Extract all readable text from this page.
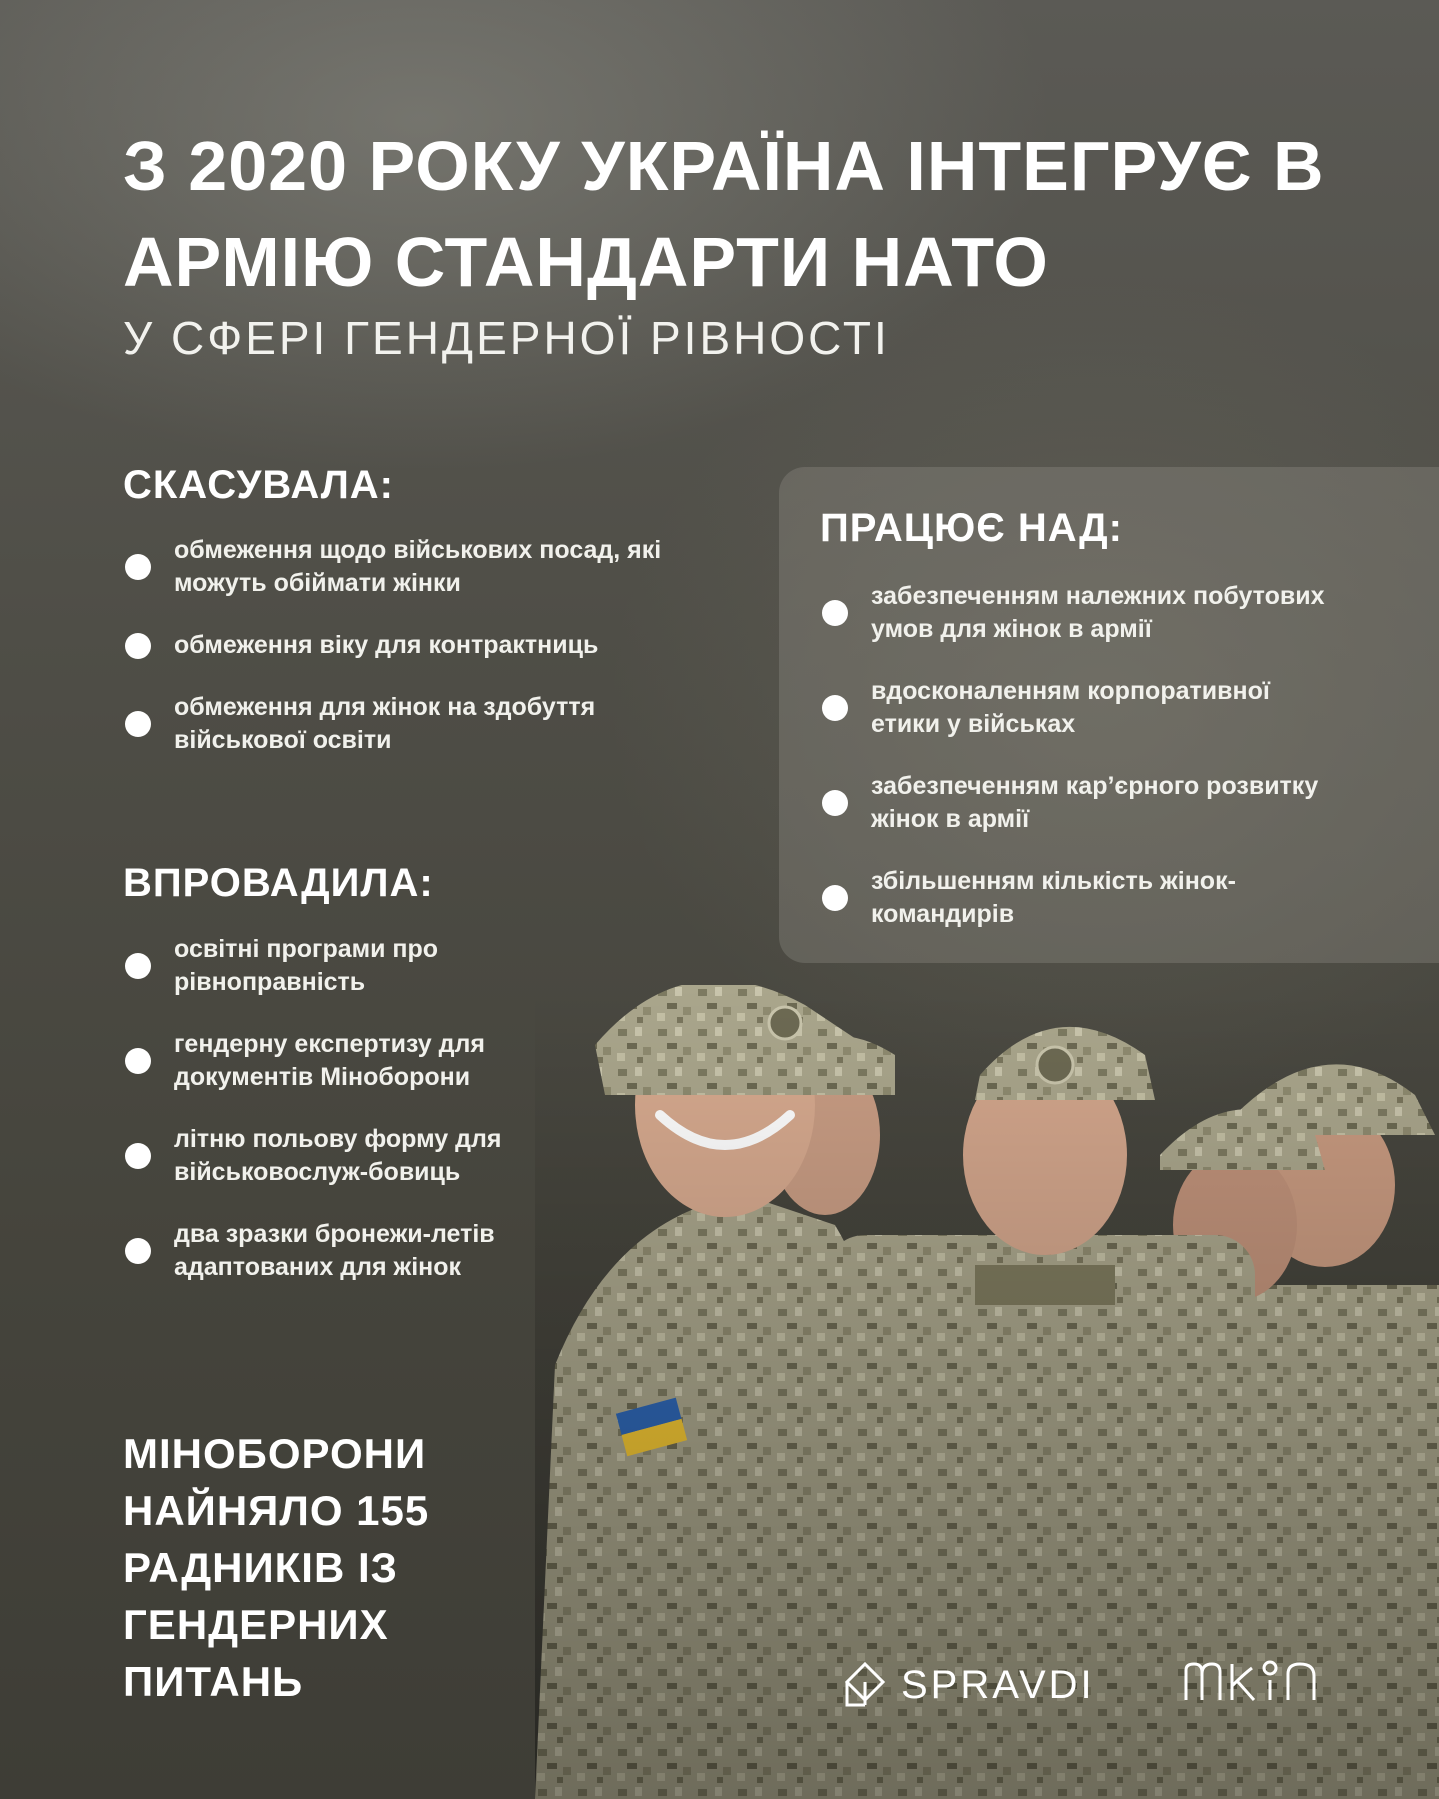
З 2020 РОКУ УКРАЇНА ІНТЕГРУЄ В АРМІЮ СТАНДАРТИ НАТО
У СФЕРІ ГЕНДЕРНОЇ РІВНОСТІ
СКАСУВАЛА:
обмеження щодо військових посад, які можуть обіймати жінки
обмеження віку для контрактниць
обмеження для жінок на здобуття військової освіти
ВПРОВАДИЛА:
освітні програми про рівноправність
гендерну експертизу для документів Міноборони
літню польову форму для військовослуж-бовиць
два зразки бронежи-летів адаптованих для жінок
ПРАЦЮЄ НАД:
забезпеченням належних побутових умов для жінок в армії
вдосконаленням корпоративної етики у військах
забезпеченням кар’єрного розвитку жінок в армії
збільшенням кількість жінок-командирів
МІНОБОРОНИ НАЙНЯЛО 155 РАДНИКІВ ІЗ ГЕНДЕРНИХ ПИТАНЬ	SPRAVDI
